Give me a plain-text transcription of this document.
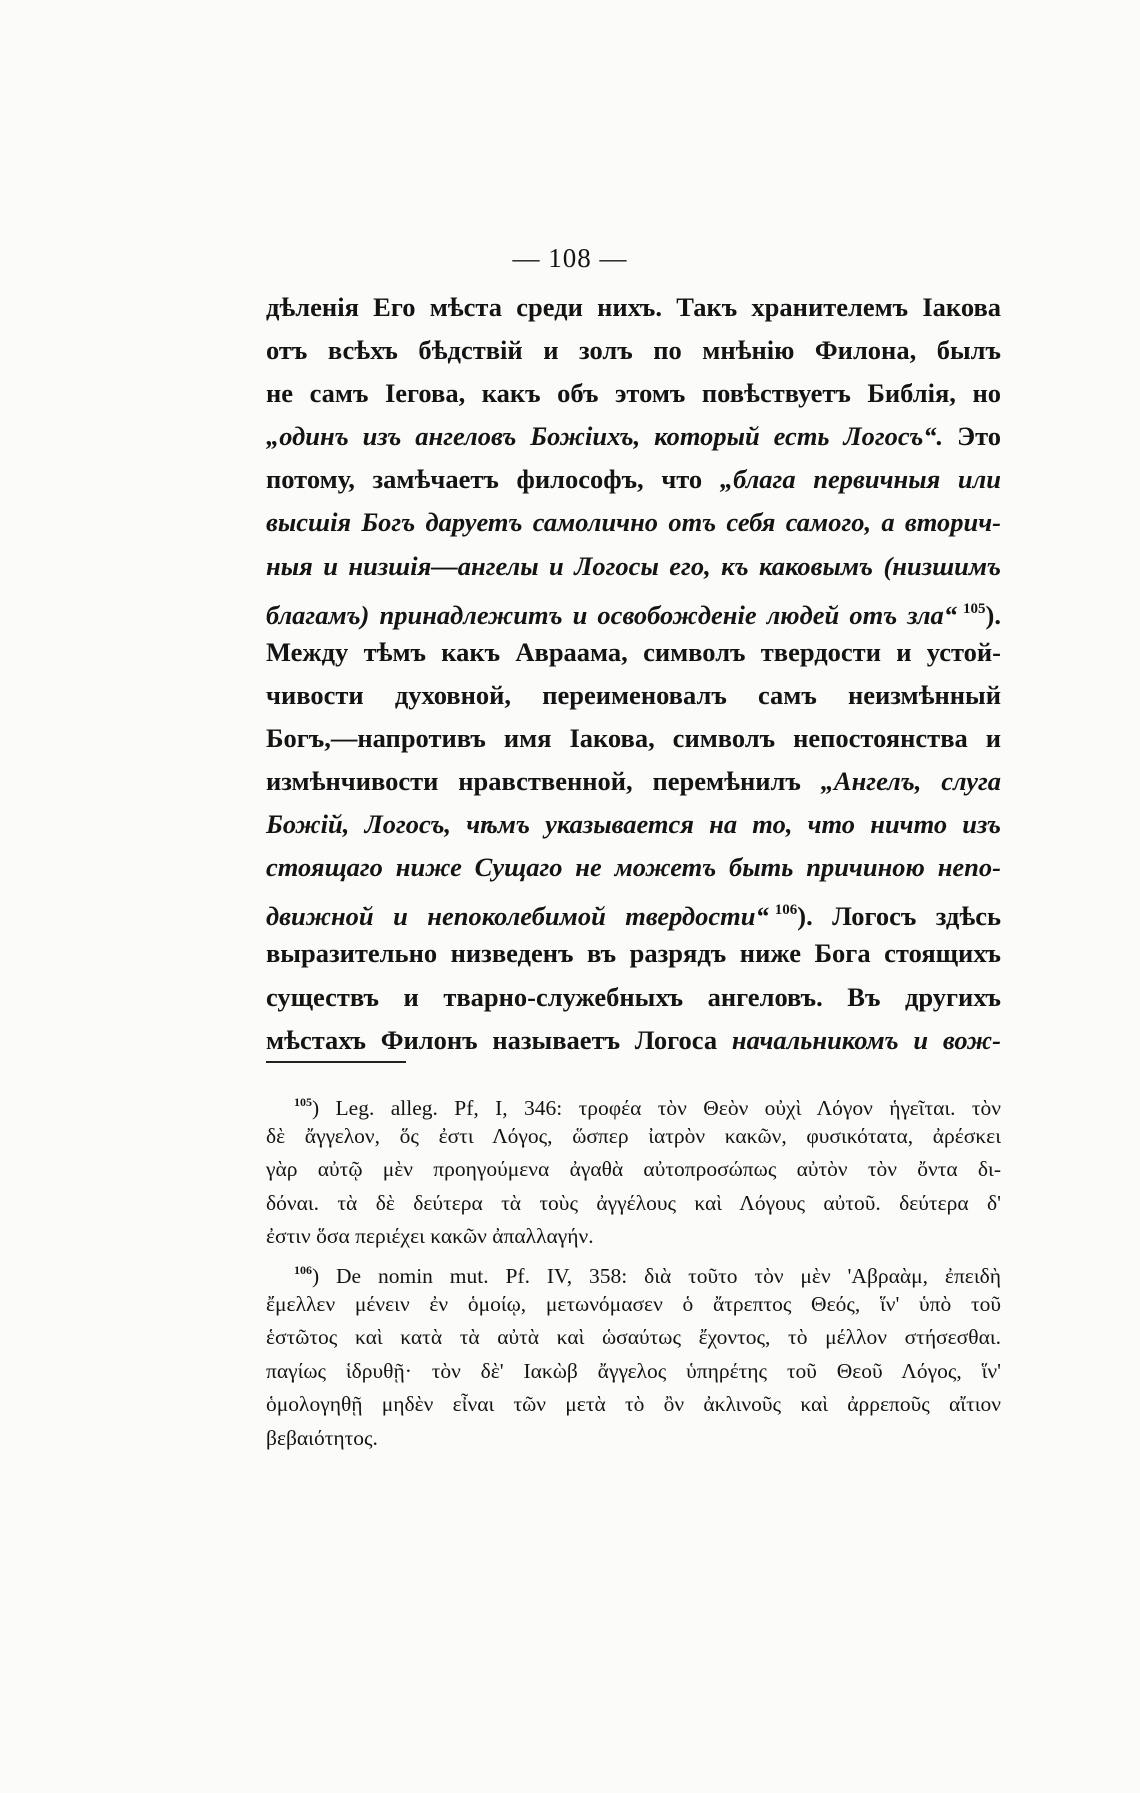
— 108 —
дѣленія Его мѣста среди нихъ. Такъ хранителемъ Іакова
отъ всѣхъ бѣдствій и золъ по мнѣнію Филона, былъ
не самъ Іегова, какъ объ этомъ повѣствуетъ Библія, но
„одинъ изъ ангеловъ Божіихъ, который есть Логосъ“. Это
потому, замѣчаетъ философъ, что „блага первичныя или
высшія Богъ даруетъ самолично отъ себя самого, а вторич-
ныя и низшія—ангелы и Логосы его, къ каковымъ (низшимъ
благамъ) принадлежитъ и освобожденіе людей отъ зла“ $^{105}$).
Между тѣмъ какъ Авраама, символъ твердости и устой-
чивости духовной, переименовалъ самъ неизмѣнный
Богъ,—напротивъ имя Іакова, символъ непостоянства и
измѣнчивости нравственной, перемѣнилъ „Ангелъ, слуга
Божій, Логосъ, чѣмъ указывается на то, что ничто изъ
стоящаго ниже Сущаго не можетъ быть причиною непо-
движной и непоколебимой твердости“ $^{106}$). Логосъ здѣсь
выразительно низведенъ въ разрядъ ниже Бога стоящихъ
существъ и тварно-служебныхъ ангеловъ. Въ другихъ
мѣстахъ Филонъ называетъ Логоса начальникомъ и вож-
$^{105}$) Leg. alleg. Pf, I, 346: τροφέα τὸν Θεὸν οὐχὶ Λόγον ἡγεῖται. τὸν
δὲ ἄγγελον, ὅς ἐστι Λόγος, ὥσπερ ἰατρὸν κακῶν, φυσικότατα, ἀρέσκει
γὰρ αὐτῷ μὲν προηγούμενα ἀγαθὰ αὐτοπροσώπως αὐτὸν τὸν ὄντα δι-
δόναι. τὰ δὲ δεύτερα τὰ τοὺς ἀγγέλους καὶ Λόγους αὐτοῦ. δεύτερα δ'
ἐστιν ὅσα περιέχει κακῶν ἀπαλλαγήν.
$^{106}$) De nomin mut. Pf. IV, 358: διὰ τοῦτο τὸν μὲν 'Αβραὰμ, ἐπειδὴ
ἔμελλεν μένειν ἐν ὁμοίῳ, μετωνόμασεν ὁ ἄτρεπτος Θεός, ἵν' ὑπὸ τοῦ
ἑστῶτος καὶ κατὰ τὰ αὐτὰ καὶ ὡσαύτως ἔχοντος, τὸ μέλλον στήσεσθαι.
παγίως ἱδρυθῇ· τὸν δὲ' Ιακὼβ ἄγγελος ὑπηρέτης τοῦ Θεοῦ Λόγος, ἵν'
ὁμολογηθῇ μηδὲν εἶναι τῶν μετὰ τὸ ὂν ἀκλινοῦς καὶ ἀρρεποῦς αἴτιον
βεβαιότητος.
